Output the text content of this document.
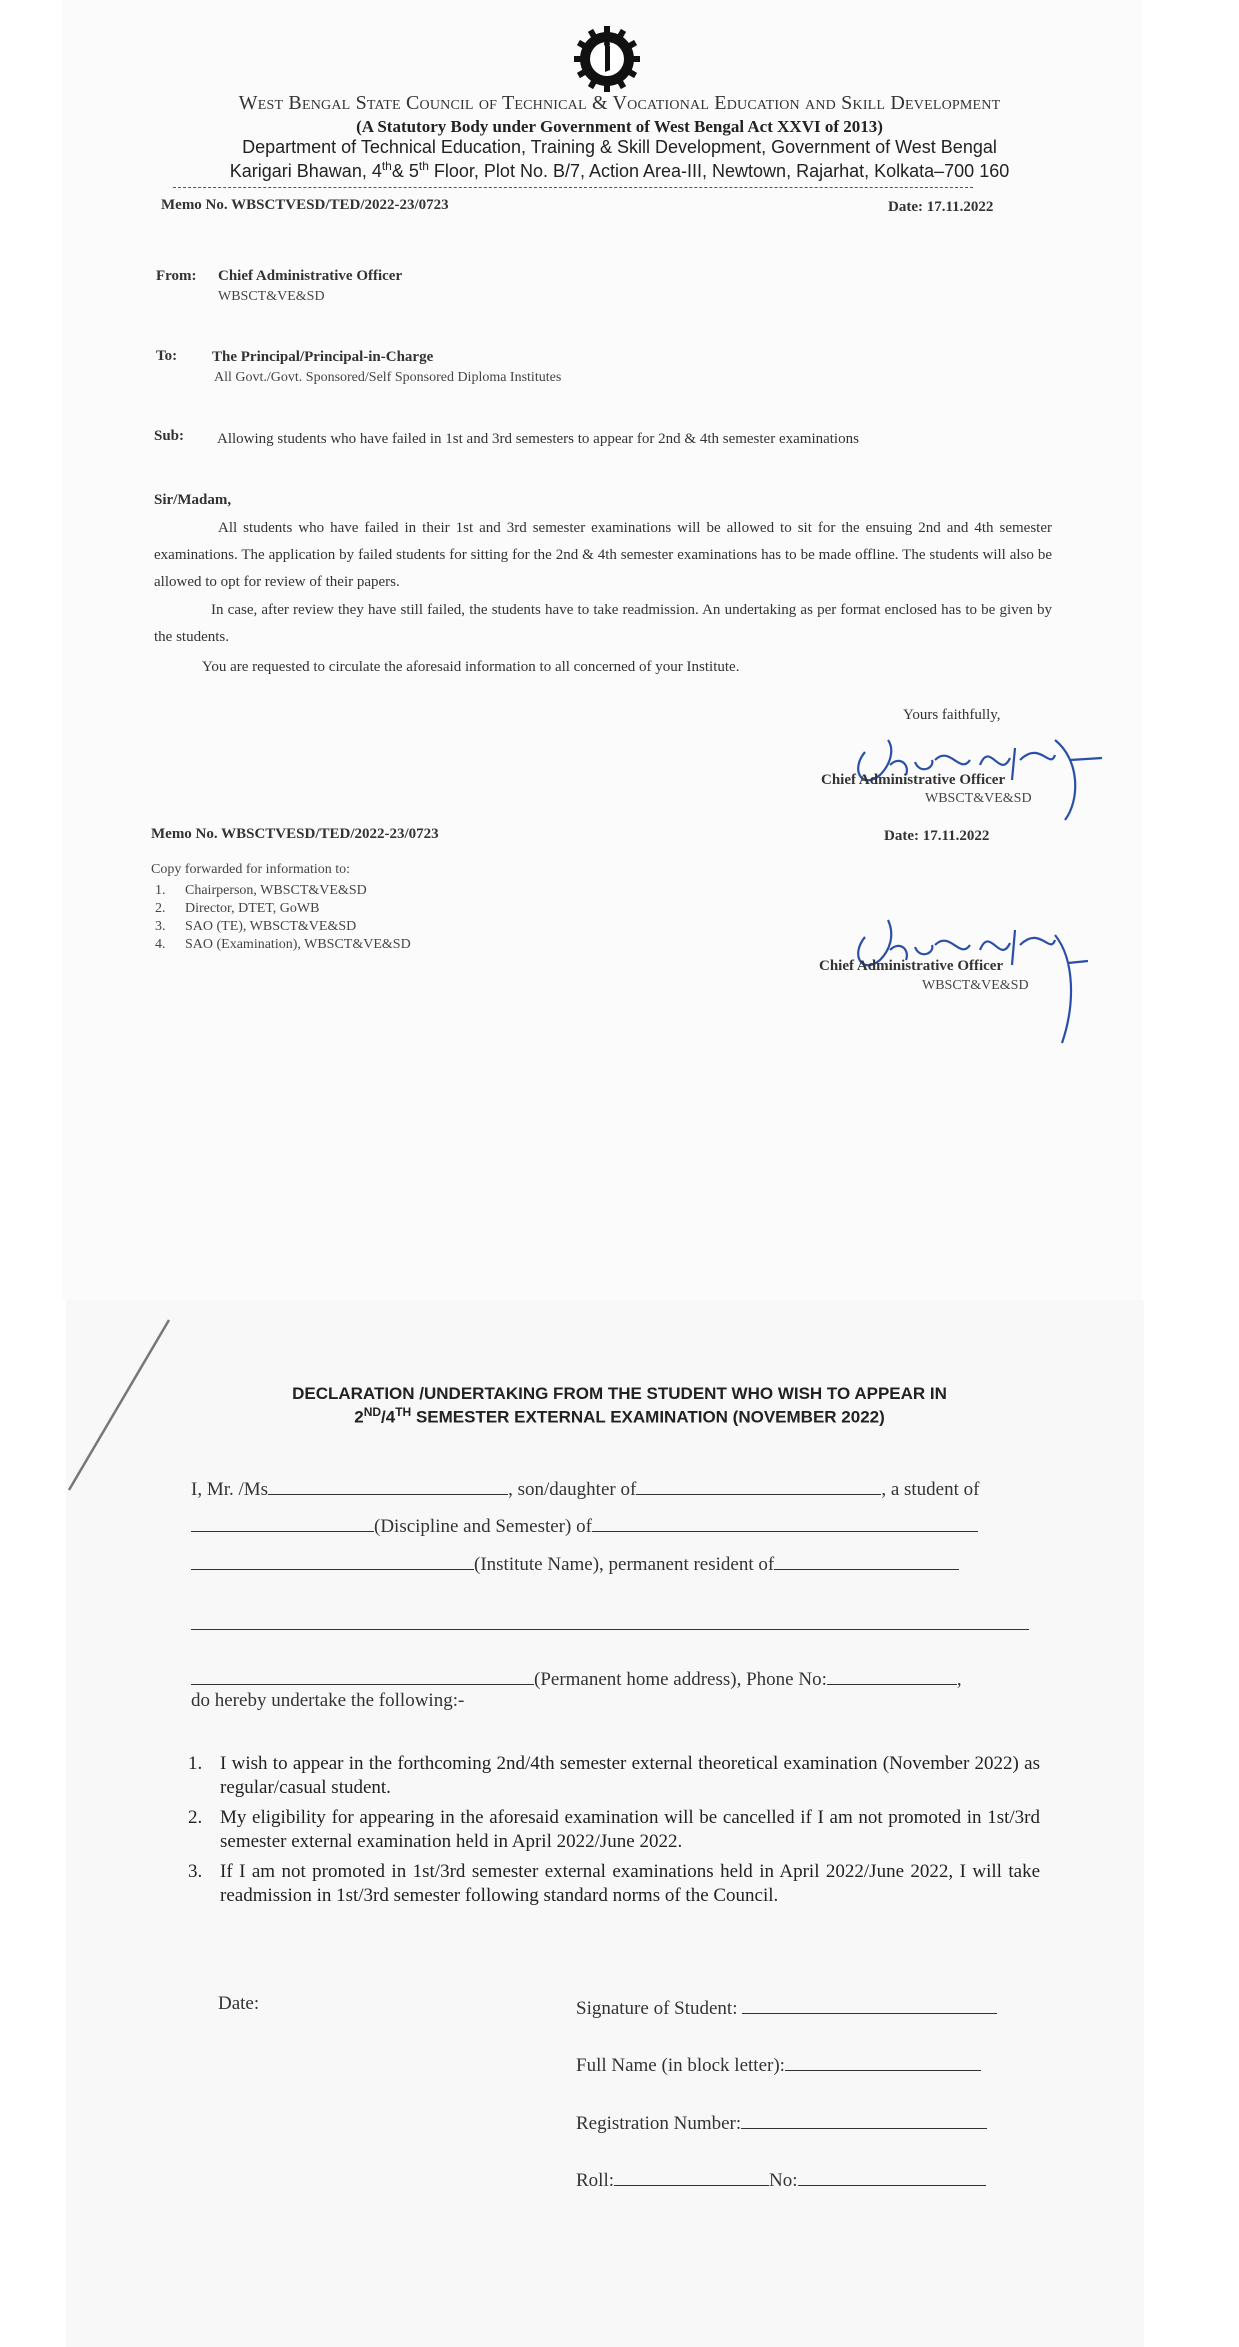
West Bengal State Council of Technical & Vocational Education and Skill Development
(A Statutory Body under Government of West Bengal Act XXVI of 2013)
Department of Technical Education, Training & Skill Development, Government of West Bengal
Karigari Bhawan, 4th& 5th Floor, Plot No. B/7, Action Area-III, Newtown, Rajarhat, Kolkata–700 160
Memo No. WBSCTVESD/TED/2022-23/0723	Date: 17.11.2022
From: Chief Administrative Officer
WBSCT&VE&SD
To: The Principal/Principal-in-Charge
All Govt./Govt. Sponsored/Self Sponsored Diploma Institutes
Sub: Allowing students who have failed in 1st and 3rd semesters to appear for 2nd & 4th semester examinations
Sir/Madam,
All students who have failed in their 1st and 3rd semester examinations will be allowed to sit for the ensuing 2nd and 4th semester examinations. The application by failed students for sitting for the 2nd & 4th semester examinations has to be made offline. The students will also be allowed to opt for review of their papers.
In case, after review they have still failed, the students have to take readmission. An undertaking as per format enclosed has to be given by the students.
You are requested to circulate the aforesaid information to all concerned of your Institute.
Yours faithfully,
Chief Administrative Officer
WBSCT&VE&SD
Memo No. WBSCTVESD/TED/2022-23/0723	Date: 17.11.2022
Copy forwarded for information to:
1. Chairperson, WBSCT&VE&SD
2. Director, DTET, GoWB
3. SAO (TE), WBSCT&VE&SD
4. SAO (Examination), WBSCT&VE&SD
Chief Administrative Officer
WBSCT&VE&SD
DECLARATION /UNDERTAKING FROM THE STUDENT WHO WISH TO APPEAR IN
2ND/4TH SEMESTER EXTERNAL EXAMINATION (NOVEMBER 2022)
I, Mr. /Ms	, son/daughter of	, a student of
(Discipline and Semester) of
(Institute Name), permanent resident of
(Permanent home address), Phone No:	,
do hereby undertake the following:-
1. I wish to appear in the forthcoming 2nd/4th semester external theoretical examination (November 2022) as regular/casual student.
2. My eligibility for appearing in the aforesaid examination will be cancelled if I am not promoted in 1st/3rd semester external examination held in April 2022/June 2022.
3. If I am not promoted in 1st/3rd semester external examinations held in April 2022/June 2022, I will take readmission in 1st/3rd semester following standard norms of the Council.
Date:	Signature of Student:
Full Name (in block letter):
Registration Number:
Roll:	No:
